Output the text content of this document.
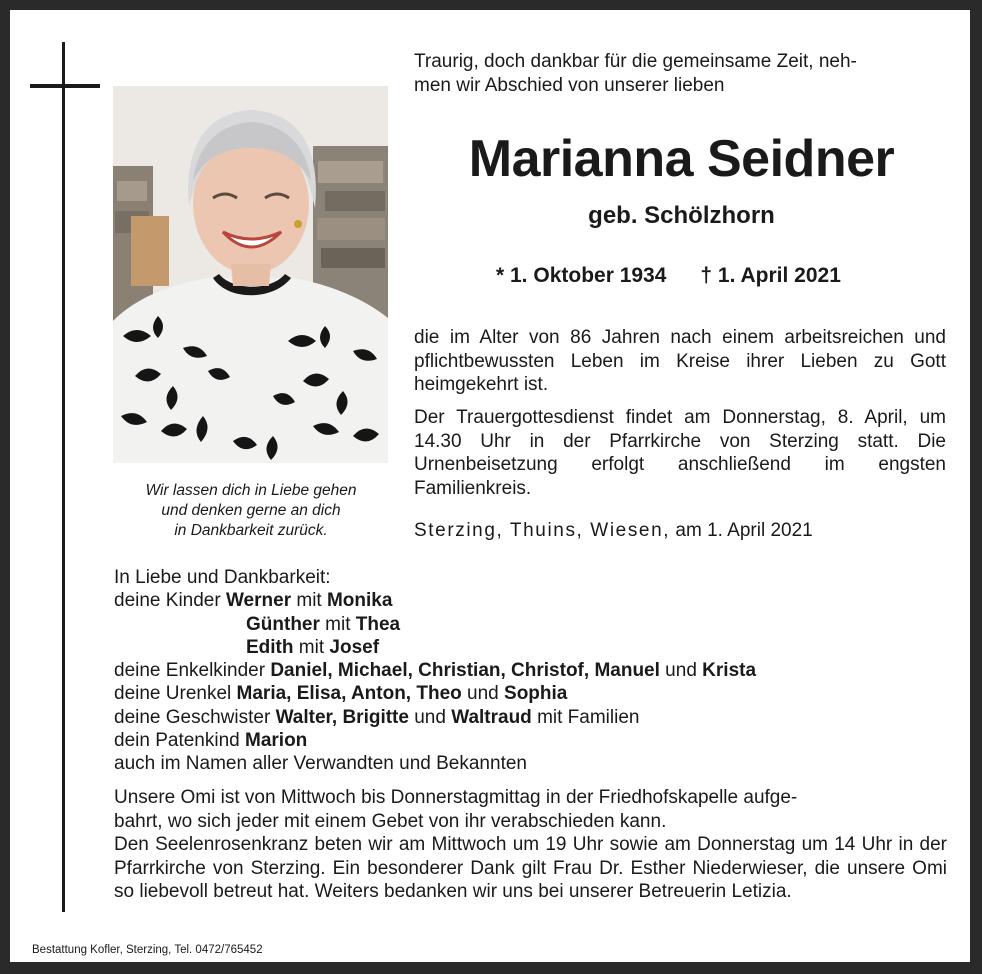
Wir lassen dich in Liebe gehen
und denken gerne an dich
in Dankbarkeit zurück.
Traurig, doch dankbar für die gemeinsame Zeit, neh-
men wir Abschied von unserer lieben
Marianna Seidner
geb. Schölzhorn
* 1. Oktober 1934 † 1. April 2021
die im Alter von 86 Jahren nach einem arbeitsreichen und pflichtbewussten Leben im Kreise ihrer Lieben zu Gott heimgekehrt ist.
Der Trauergottesdienst findet am Donnerstag, 8. April, um 14.30 Uhr in der Pfarrkirche von Sterzing statt. Die Urnenbeisetzung erfolgt anschließend im engsten Familienkreis.
Sterzing, Thuins, Wiesen, am 1. April 2021
In Liebe und Dankbarkeit:
deine Kinder Werner mit Monika
Günther mit Thea
Edith mit Josef
deine Enkelkinder Daniel, Michael, Christian, Christof, Manuel und Krista
deine Urenkel Maria, Elisa, Anton, Theo und Sophia
deine Geschwister Walter, Brigitte und Waltraud mit Familien
dein Patenkind Marion
auch im Namen aller Verwandten und Bekannten
Unsere Omi ist von Mittwoch bis Donnerstagmittag in der Friedhofskapelle aufge-
bahrt, wo sich jeder mit einem Gebet von ihr verabschieden kann.
Den Seelenrosenkranz beten wir am Mittwoch um 19 Uhr sowie am Donnerstag um 14 Uhr in der Pfarrkirche von Sterzing. Ein besonderer Dank gilt Frau Dr. Esther Niederwieser, die unsere Omi so liebevoll betreut hat. Weiters bedanken wir uns bei unserer Betreuerin Letizia.
Bestattung Kofler, Sterzing, Tel. 0472/765452
